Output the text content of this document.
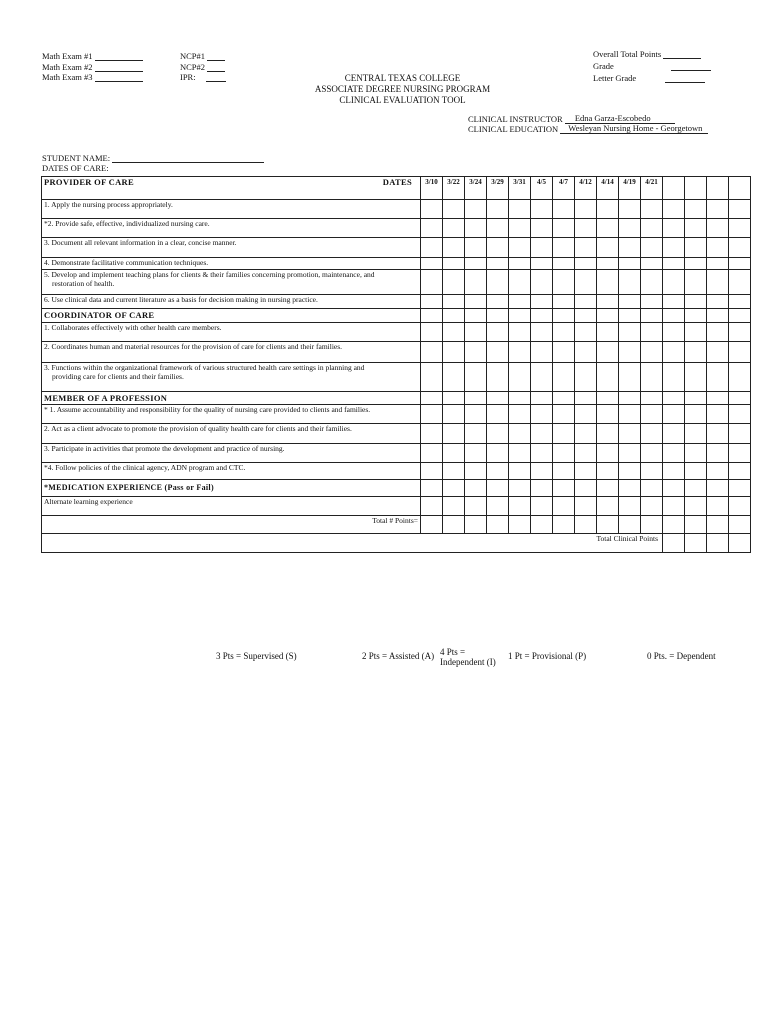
Math Exam #1
Math Exam #2
Math Exam #3
NCP#1
NCP#2
IPR:
Overall Total Points
Grade
Letter Grade
CENTRAL TEXAS COLLEGE
ASSOCIATE DEGREE NURSING PROGRAM
CLINICAL EVALUATION TOOL
CLINICAL INSTRUCTOR Edna Garza-Escobedo
CLINICAL EDUCATION Wesleyan Nursing Home - Georgetown
STUDENT NAME:
DATES OF CARE:
PROVIDER OF CARE DATES	3/10	3/22	3/24	3/29	3/31	4/5	4/7	4/12	4/14	4/19	4/21				
1. Apply the nursing process appropriately.															
*2. Provide safe, effective, individualized nursing care.															
3. Document all relevant information in a clear, concise manner.															
4. Demonstrate facilitative communication techniques.															
5. Develop and implement teaching plans for clients & their families concerning promotion, maintenance, and
restoration of health.															

6. Use clinical data and current literature as a basis for decision making in nursing practice.															
COORDINATOR OF CARE															
1. Collaborates effectively with other health care members.															
2. Coordinates human and material resources for the provision of care for clients and their families.															
3. Functions within the organizational framework of various structured health care settings in planning and
providing care for clients and their families.															

MEMBER OF A PROFESSION															
* 1. Assume accountability and responsibility for the quality of nursing care provided to clients and families.															
2. Act as a client advocate to promote the provision of quality health care for clients and their families.															
3. Participate in activities that promote the development and practice of nursing.															
*4. Follow policies of the clinical agency, ADN program and CTC.															
*MEDICATION EXPERIENCE (Pass or Fail)															
Alternate learning experience															
Total # Points=															
Total Clinical Points															
3 Pts = Supervised (S)	2 Pts = Assisted (A) 4 Pts =
Independent (I)
1 Pt = Provisional (P)	0 Pts. = Dependent
